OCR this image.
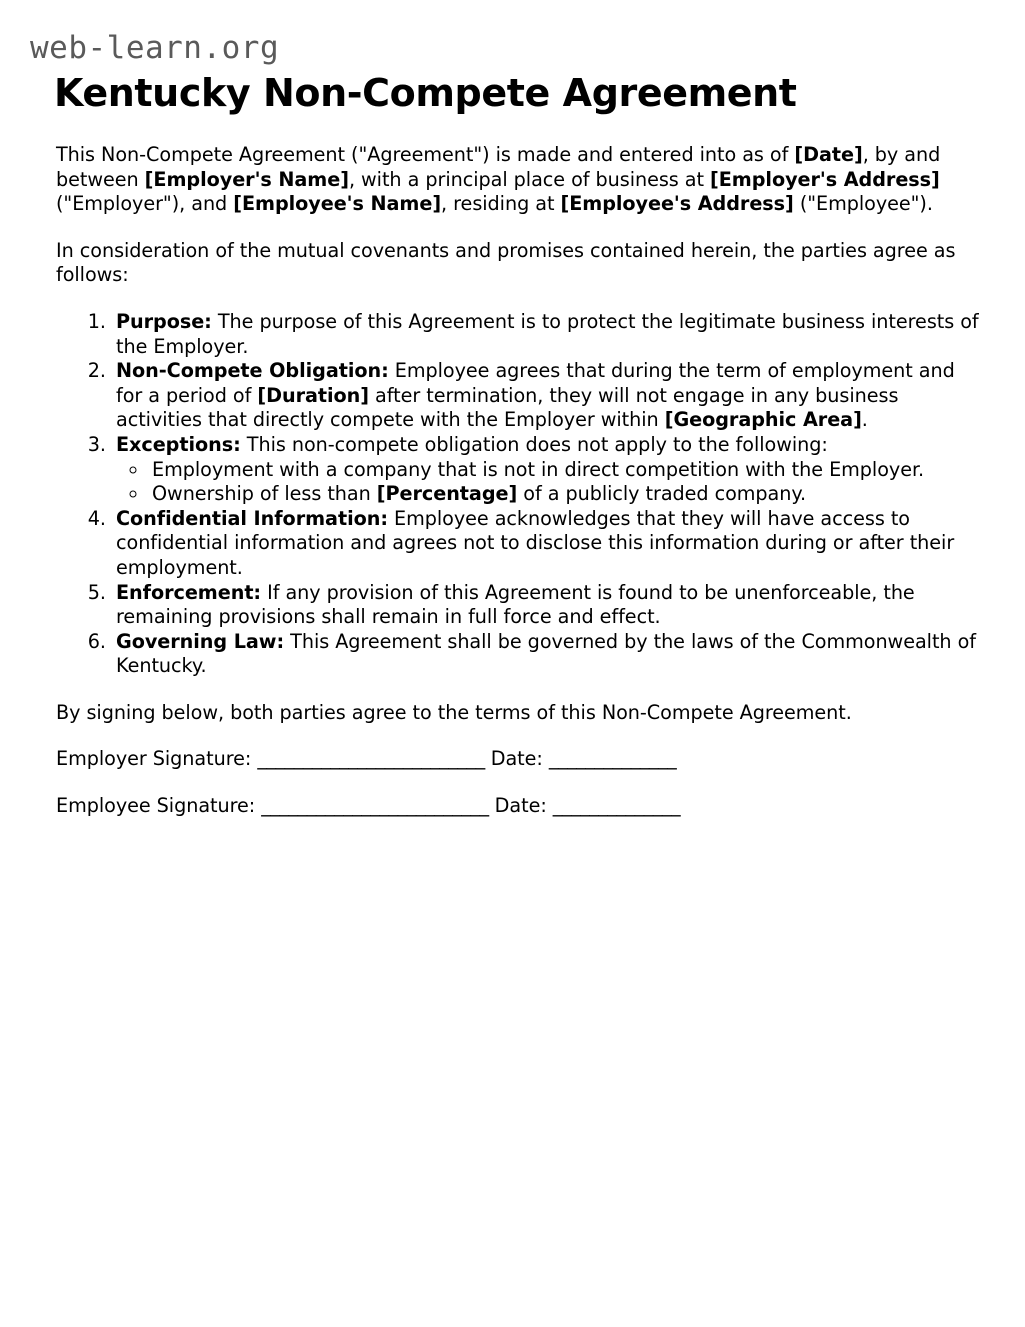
web-learn.org
Kentucky Non-Compete Agreement

This Non-Compete Agreement ("Agreement") is made and entered into as of [Date], by and between [Employer's Name], with a principal place of business at [Employer's Address] ("Employer"), and [Employee's Name], residing at [Employee's Address] ("Employee").

In consideration of the mutual covenants and promises contained herein, the parties agree as follows:

1. Purpose: The purpose of this Agreement is to protect the legitimate business interests of the Employer.
2. Non-Compete Obligation: Employee agrees that during the term of employment and for a period of [Duration] after termination, they will not engage in any business activities that directly compete with the Employer within [Geographic Area].
3. Exceptions: This non-compete obligation does not apply to the following:
◦ Employment with a company that is not in direct competition with the Employer.
◦ Ownership of less than [Percentage] of a publicly traded company.
4. Confidential Information: Employee acknowledges that they will have access to confidential information and agrees not to disclose this information during or after their employment.
5. Enforcement: If any provision of this Agreement is found to be unenforceable, the remaining provisions shall remain in full force and effect.
6. Governing Law: This Agreement shall be governed by the laws of the Commonwealth of Kentucky.

By signing below, both parties agree to the terms of this Non-Compete Agreement.

Employer Signature: _________________________ Date: ______________

Employee Signature: _________________________ Date: ______________
